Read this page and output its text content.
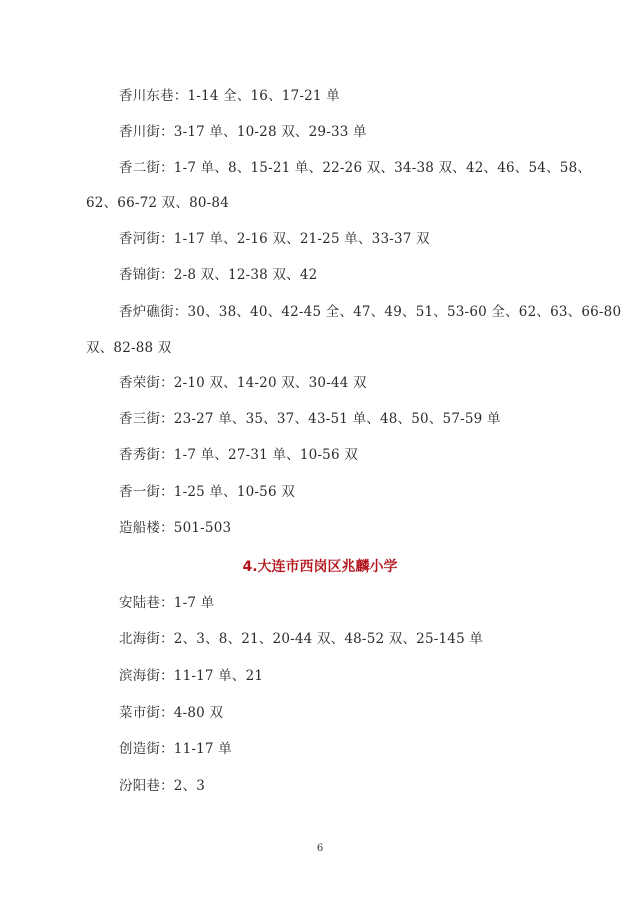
香川东巷：1-14 全、16、17-21 单
香川街：3-17 单、10-28 双、29-33 单
香二街：1-7 单、8、15-21 单、22-26 双、34-38 双、42、46、54、58、
62、66-72 双、80-84
香河街：1-17 单、2-16 双、21-25 单、33-37 双
香锦街：2-8 双、12-38 双、42
香炉礁街：30、38、40、42-45 全、47、49、51、53-60 全、62、63、66-80
双、82-88 双
香荣街：2-10 双、14-20 双、30-44 双
香三街：23-27 单、35、37、43-51 单、48、50、57-59 单
香秀街：1-7 单、27-31 单、10-56 双
香一街：1-25 单、10-56 双
造船楼：501-503
4.大连市西岗区兆麟小学
安陆巷：1-7 单
北海街：2、3、8、21、20-44 双、48-52 双、25-145 单
滨海街：11-17 单、21
菜市街：4-80 双
创造街：11-17 单
汾阳巷：2、3
6
